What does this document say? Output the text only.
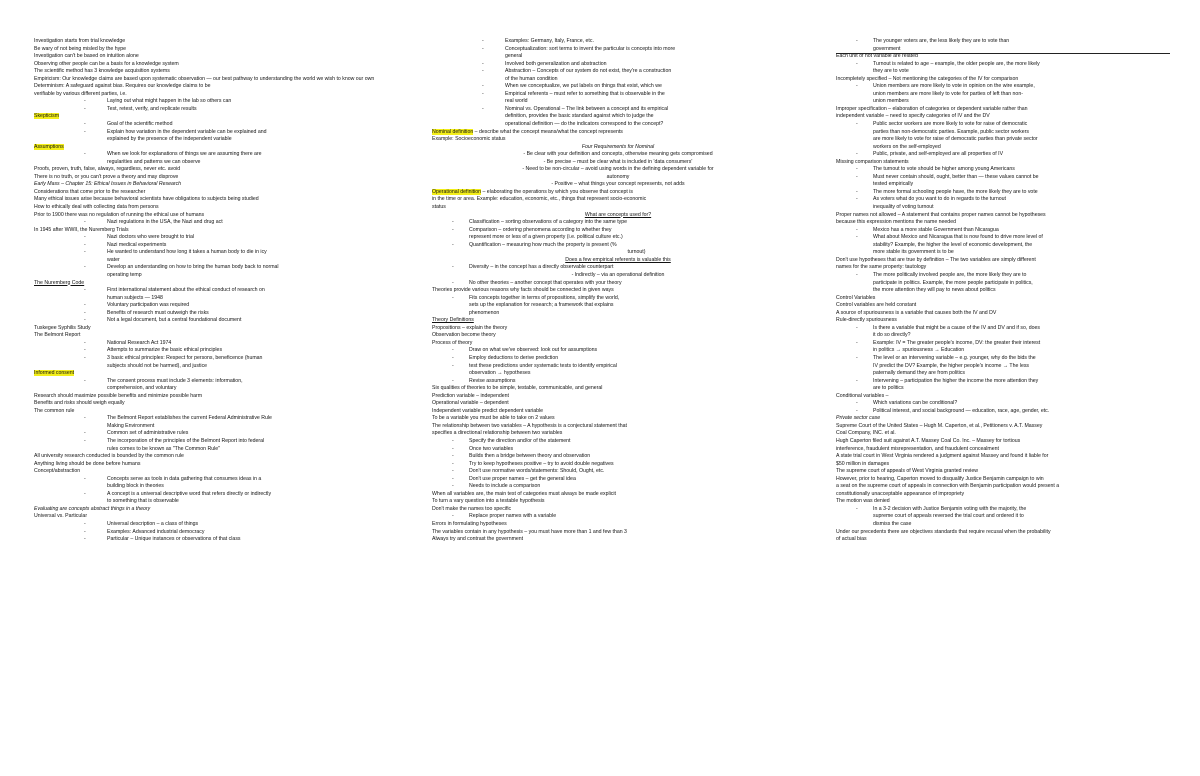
Investigation starts from trial knowledge

Be wary of not being misled by the hype

Investigation can't be based on intuition alone

Observing other people can be a basis for a knowledge system

The scientific method has 3 knowledge acquisition systems

Empiricism: Our knowledge claims are based upon systematic observation — our best pathway to understanding the world we wish to know our own

Determinism: A safeguard against bias. Requires our knowledge claims to be

verifiable by various different parties, i.e.

- Laying out what might happen in the lab so others can

- Test, retest, verify, and replicate results

Skepticism

- Goal of the scientific method

- Explain how variation in the dependent variable can be explained and

explained by the presence of the independent variable

Assumptions

- When we look for explanations of things we are assuming there are

regularities and patterns we can observe

Proofs, proven, truth, false, always, regardless, never etc. avoid

There is no truth, or you can't prove a theory and may disprove

Early Mass – Chapter 15: Ethical Issues in Behavioral Research

Considerations that come prior to the researcher

Many ethical issues arise because behavioral scientists have obligations to subjects being studied

How to ethically deal with collecting data from persons

Prior to 1900 there was no regulation of running the ethical use of humans

- Nazi regulations in the USA, the Nazi and drug act

In 1945 after WWII, the Nuremberg Trials

- Nazi doctors who were brought to trial

- Nazi medical experiments

- He wanted to understand how long it takes a human body to die in icy

water

- Develop an understanding on how to bring the human body back to normal

operating temp

The Nuremberg Code

- First international statement about the ethical conduct of research on

human subjects — 1948

- Voluntary participation was required

- Benefits of research must outweigh the risks

- Not a legal document, but a central foundational document

Tuskegee Syphilis Study

The Belmont Report

- National Research Act 1974

- Attempts to summarize the basic ethical principles

- 3 basic ethical principles: Respect for persons, beneficence (human

subjects should not be harmed), and justice

Informed consent

- The consent process must include 3 elements: information,

comprehension, and voluntary

Research should maximize possible benefits and minimize possible harm

Benefits and risks should weigh equally

The common rule

- The Belmont Report establishes the current Federal Administrative Rule

Making Environment

- Common set of administrative rules

- The incorporation of the principles of the Belmont Report into federal

rules comes to be known as "The Common Rule"

All university research conducted is bounded by the common rule

Anything living should be done before humans

Concept/abstraction

- Concepts serve as tools in data gathering that consumes ideas in a

building block in theories

- A concept is a universal descriptive word that refers directly or indirectly

to something that is observable

Evaluating are concepts abstract things in a theory

Universal vs. Particular

- Universal description – a class of things

- Examples: Advanced industrial democracy

- Particular – Unique instances or observations of that class

- Examples: Germany, Italy, France, etc.

- Conceptualization: sort terms to invent the particular is concepts into more

general

- Involved both generalization and abstraction

- Abstraction – Concepts of our system do not exist, they're a construction

of the human condition

- When we conceptualize, we put labels on things that exist, which we

- Empirical referents – must refer to something that is observable in the

real world

- Nominal vs. Operational – The link between a concept and its empirical

definition, provides the basic standard against which to judge the

operational definition — do the indicators correspond to the concept?

Nominal definition – describe what the concept means/what the concept represents

Example: Socioeconomic status

Four Requirements for Nominal

- Be clear with your definition and concepts, otherwise meaning gets compromised

- Be precise – must be clear what is included in 'data consumers'

- Need to be non-circular – avoid using words in the defining dependent variable for

autonomy

- Positive – what things your concept represents, not adds

Operational definition – elaborating the operations by which you observe that concept is

in the time or area. Example: education, economic, etc., things that represent socio-economic

status

What are concepts used for?

- Classification – sorting observations of a category into the same type

- Comparison – ordering phenomena according to whether they

represent more or less of a given property (i.e. political culture etc.)

- Quantification – measuring how much the property is present (%

turnout)

Does a few empirical referents is valuable this

- Diversity – in the concept has a directly observable counterpart

- Indirectly – via an operational definition

- No other theories – another concept that operates with your theory

Theories provide various reasons why facts should be connected in given ways

- Fits concepts together in terms of propositions, simplify the world,

sets up the explanation for research; a framework that explains

phenomenon

Theory Definitions

Propositions – explain the theory

Observation become theory

Process of theory

- Draw on what we've observed: look out for assumptions

- Employ deductions to derive prediction

- test these predictions under systematic tests to identify empirical

observation → hypotheses

- Revise assumptions

Six qualities of theories to be simple, testable, communicable, and general

Prediction variable – independent

Operational variable – dependent

Independent variable predict dependent variable

To be a variable you must be able to take on 2 values

The relationship between two variables – A hypothesis is a conjectural statement that

specifies a directional relationship between two variables

- Specify the direction and/or of the statement

- Once two variables

- Builds then a bridge between theory and observation

- Try to keep hypotheses positive – try to avoid double negatives

- Don't use normative words/statements: Should, Ought, etc.

- Don't use proper names – get the general idea

- Needs to include a comparison

When all variables are, the main test of categories must always be made explicit

To turn a vary question into a testable hypothesis

Don't make the names too specific

- Replace proper names with a variable

Errors in formulating hypotheses

The variables contain in any hypothesis – you must have more than 1 and few than 3

Always try and contrast the government

- The younger voters are, the less likely they are to vote than

government

Each unit of not variable are related

- Turnout is related to age – example, the older people are, the more likely

they are to vote

Incompletely specified – Not mentioning the categories of the IV for comparison

- Union members are more likely to vote in opinion on the wire example,

union members are more likely to vote for parties of left than non-

union members

Improper specification – elaboration of categories or dependent variable rather than

independent variable – need to specify categories of IV and the DV

- Public sector workers are more likely to vote for raise of democratic

parties than non-democratic parties. Example, public sector workers

are more likely to vote for raise of democratic parties than private sector

workers on the self-employed

- Public, private, and self-employed are all properties of IV

Missing comparison statements

- The turnout to vote should be higher among young Americans

- Must never contain should, ought, better than — these values cannot be

tested empirically

- The more formal schooling people have, the more likely they are to vote

- As voters what do you want to do in regards to the turnout

inequality of voting turnout

Proper names not allowed – A statement that contains proper names cannot be hypotheses

because this expression mentions the name needed

- Mexico has a more stable Government than Nicaragua

- What about Mexico and Nicaragua that is now found to drive more level of

stability? Example, the higher the level of economic development, the

more stable its government is to be

Don't use hypotheses that are true by definition – The two variables are simply different

names for the same property: tautology

- The more politically involved people are, the more likely they are to

participate in politics. Example, the more people participate in politics,

the more attention they will pay to news about politics

Control Variables

Control variables are held constant

A source of spuriousness is a variable that causes both the IV and DV

Rule-directly spuriousness

- Is there a variable that might be a cause of the IV and DV and if so, does

it do so directly?

- Example: IV = The greater people's income, DV: the greater their interest

in politics → spuriousness → Education

- The level or an intervening variable – e.g. younger, why do the bids the

IV predict the DV? Example, the higher people's income → The less

paternally demand they are from politics

- Intervening – participation the higher the income the more attention they

are to politics

Conditional variables –

- Which variations can be conditional?

- Political interest, and social background — education, race, age, gender, etc.

Private sector case

Supreme Court of the United States – Hugh M. Caperton, et al., Petitioners v. A.T. Massey

Coal Company, INC. et al.

Hugh Caperton filed suit against A.T. Massey Coal Co. Inc. – Massey for tortious

interference, fraudulent misrepresentation, and fraudulent concealment

A state trial court in West Virginia rendered a judgment against Massey and found it liable for

$50 million in damages

The supreme court of appeals of West Virginia granted review

However, prior to hearing, Caperton moved to disqualify Justice Benjamin campaign to win

a seat on the supreme court of appeals in connection with Benjamin participation would present a

constitutionally unacceptable appearance of impropriety

The motion was denied

- In a 3-2 decision with Justice Benjamin voting with the majority, the

supreme court of appeals reversed the trial court and ordered it to

dismiss the case

Under our precedents there are objectives standards that require recusal when the probability

of actual bias
